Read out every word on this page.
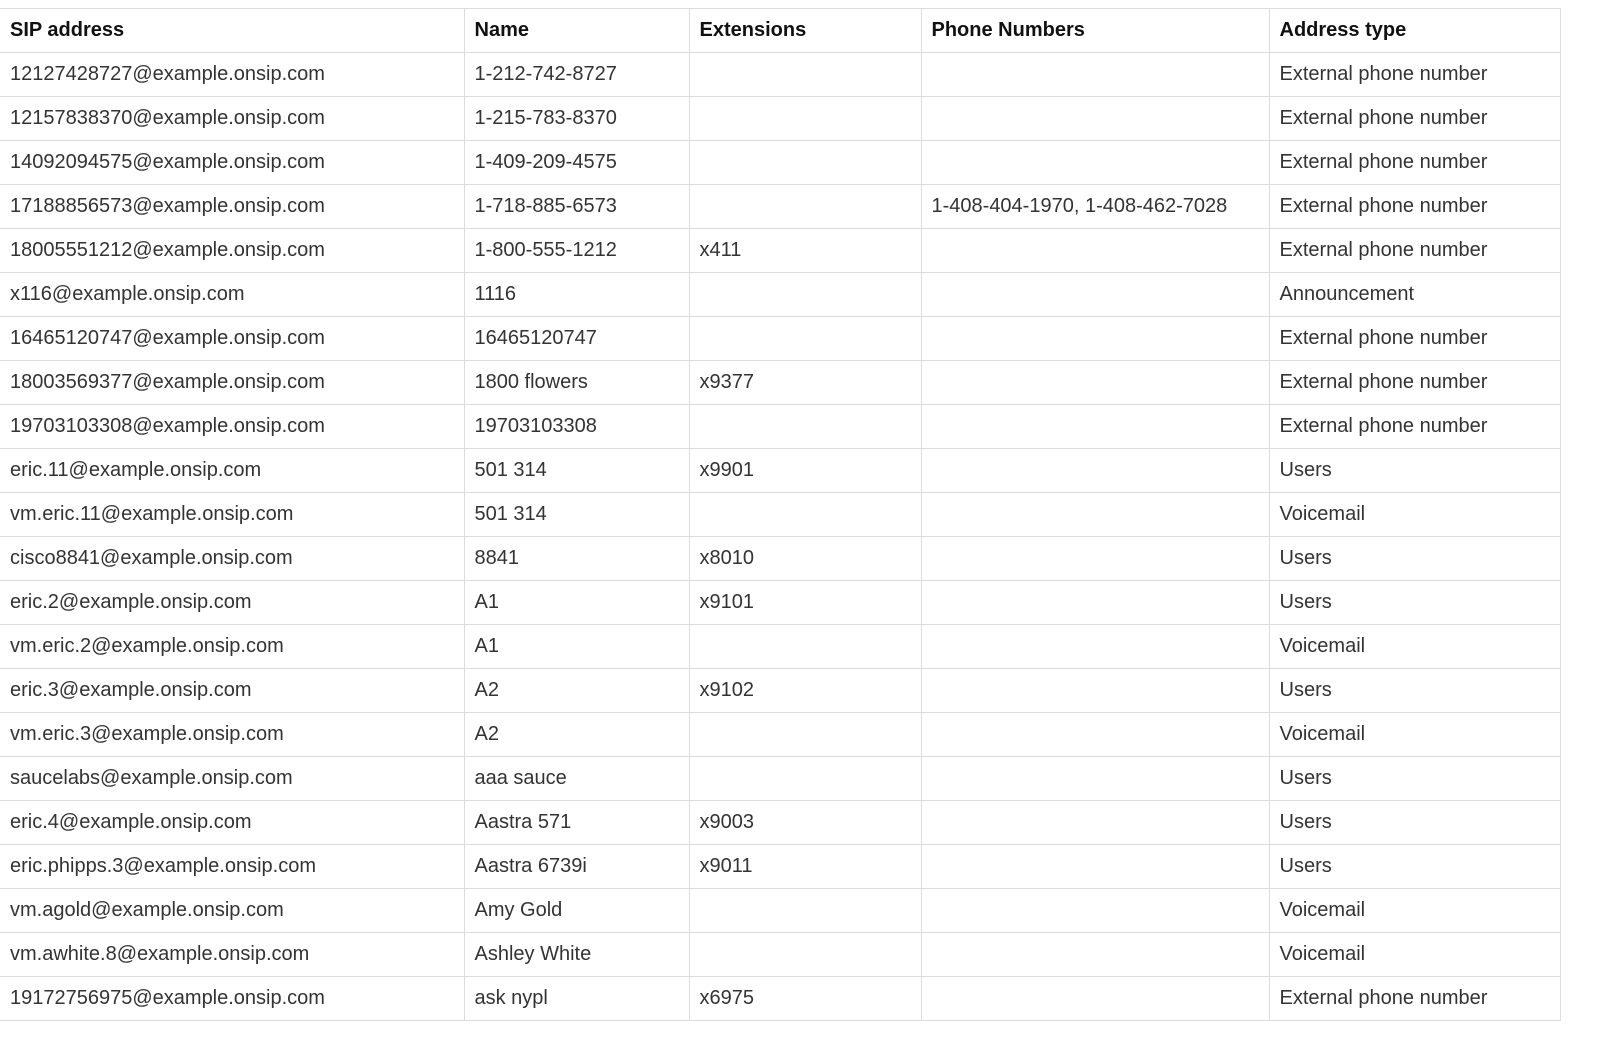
SIP address	Name	Extensions	Phone Numbers	Address type
12127428727@example.onsip.com	1-212-742-8727			External phone number
12157838370@example.onsip.com	1-215-783-8370			External phone number
14092094575@example.onsip.com	1-409-209-4575			External phone number
17188856573@example.onsip.com	1-718-885-6573		1-408-404-1970, 1-408-462-7028	External phone number
18005551212@example.onsip.com	1-800-555-1212	x411		External phone number
x116@example.onsip.com	1116			Announcement
16465120747@example.onsip.com	16465120747			External phone number
18003569377@example.onsip.com	1800 flowers	x9377		External phone number
19703103308@example.onsip.com	19703103308			External phone number
eric.11@example.onsip.com	501 314	x9901		Users
vm.eric.11@example.onsip.com	501 314			Voicemail
cisco8841@example.onsip.com	8841	x8010		Users
eric.2@example.onsip.com	A1	x9101		Users
vm.eric.2@example.onsip.com	A1			Voicemail
eric.3@example.onsip.com	A2	x9102		Users
vm.eric.3@example.onsip.com	A2			Voicemail
saucelabs@example.onsip.com	aaa sauce			Users
eric.4@example.onsip.com	Aastra 571	x9003		Users
eric.phipps.3@example.onsip.com	Aastra 6739i	x9011		Users
vm.agold@example.onsip.com	Amy Gold			Voicemail
vm.awhite.8@example.onsip.com	Ashley White			Voicemail
19172756975@example.onsip.com	ask nypl	x6975		External phone number
